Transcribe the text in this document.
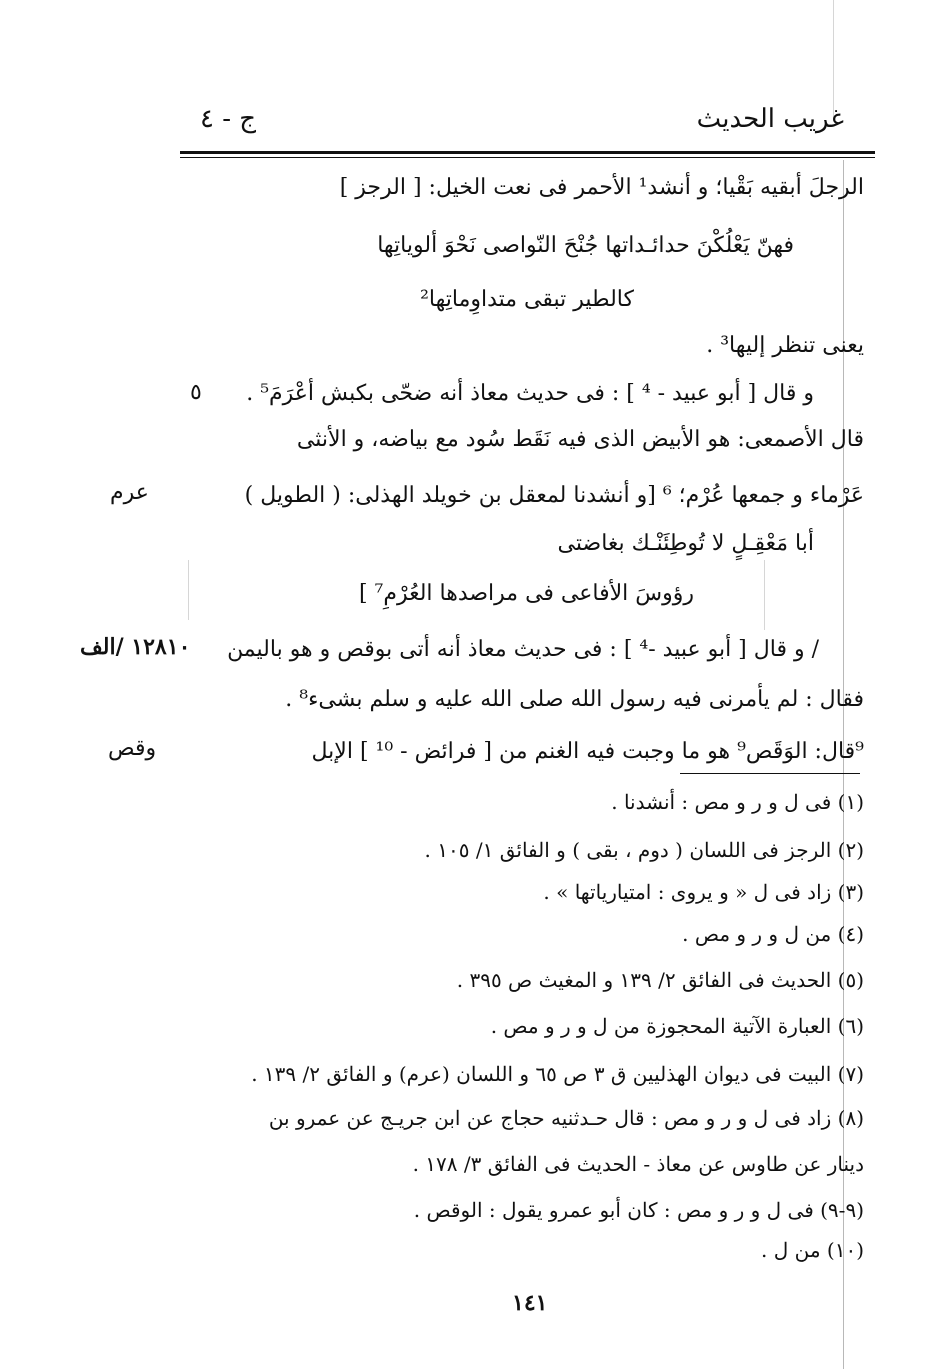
غريب الحديث
ج - ٤
الرجلَ أبقيه بَقْيا؛ و أنشد¹ الأحمر فى نعت الخيل: [ الرجز ]
فهنّ يَعْلُكْنَ حدائـداتها جُنْحَ النّواصى نَحْوَ ألوياتِها
كالطير تبقى متداوِماتِها²
يعنى تنظر إليها³ .
و قال [ أبو عبيد - ⁴ ] : فى حديث معاذ أنه ضحّى بكبش أعْرَمَ⁵ .
٥
قال الأصمعى: هو الأبيض الذى فيه نَقَط سُود مع بياضه، و الأنثى
عَرْماء و جمعها عُرْم؛ ⁶ [و أنشدنا لمعقل بن خويلد الهذلى: ( الطويل )
عرم
أبا مَعْقِـلٍ لا تُوطِئَنْـك بغاضتى
رؤوسَ الأفاعى فى مراصدها العُرْمِ⁷ ]
/ و قال [ أبو عبيد -⁴ ] : فى حديث معاذ أنه أتى بوقص و هو باليمن
١٢٨١٠ /الف
فقال : لم يأمرنى فيه رسول الله صلى الله عليه و سلم بشىء⁸ .
⁹قال: الوَقَص⁹ هو ما وجبت فيه الغنم من [ فرائض - ¹⁰ ] الإبل
وقص
(١) فى ل و ر و مص : أنشدنا .
(٢) الرجز فى اللسان ( دوم ، بقى ) و الفائق ١/ ١٠٥ .
(٣) زاد فى ل « و يروى : امتيارياتها » .
(٤) من ل و ر و مص .
(٥) الحديث فى الفائق ٢/ ١٣٩ و المغيث ص ٣٩٥ .
(٦) العبارة الآتية المحجوزة من ل و ر و مص .
(٧) البيت فى ديوان الهذليين ق ٣ ص ٦٥ و اللسان (عرم) و الفائق ٢/ ١٣٩ .
(٨) زاد فى ل و ر و مص : قال حـدثنيه حجاج عن ابن جريـج عن عمرو بن
دينار عن طاوس عن معاذ - الحديث فى الفائق ٣/ ١٧٨ .
(٩-٩) فى ل و ر و مص : كان أبو عمرو يقول : الوقص .
(١٠) من ل .
١٤١
